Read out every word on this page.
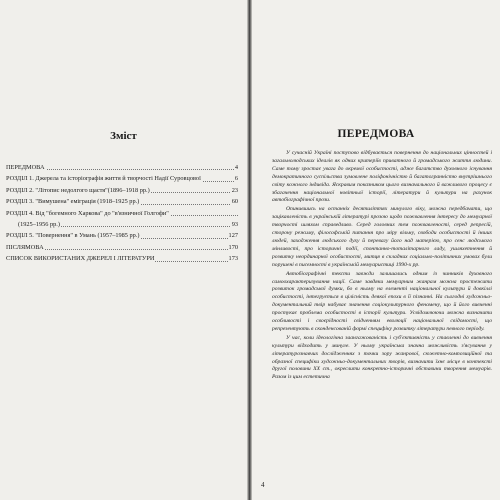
Зміст
ПЕРЕДМОВА	4
РОЗДІЛ 1. Джерела та історіографія життя й творчості Надії Суровцової	6
РОЗДІЛ 2. "Літопис недолгого щастя"(1896–1918 рр.)	23
РОЗДІЛ 3. "Вимушена" еміграція (1918–1925 рр.)	60
РОЗДІЛ 4. Від "богемного Харкова" до "в'язничної Голгофи"
(1925–1956 рр.)	93
РОЗДІЛ 5. "Повернення" в Умань (1957–1985 рр.)	127
ПІСЛЯМОВА	170
СПИСОК ВИКОРИСТАНИХ ДЖЕРЕЛ І ЛІТЕРАТУРИ	173
ПЕРЕДМОВА

У сучасній Україні поступово відбувається повернення до національних цінностей і загальнолюдських ідеалів як одних критеріїв приватного й громадського життя людини. Саме тому зростає увага до окремої особистості, адже багатство духовного існування демократичного суспільства зумовлене поліфонічністю й багатогранністю внутрішнього світу кожного індивіда. Яскравим показником цього визначального й важливого процесу є збагачення національної новітньої історії, літератури й культури на рахунок автобіографічної прози.

Опинившись на останніх десятиліттях минулого віку, можна передбачати, що зацікавленість в українській літературі прозою щодо пожвавлення інтересу до мемуарної творчості шляхом справедливо. Серед головних тем пожвавленості, серед репресій, сторону режиму, філософській питання про міру вільну, свободи особистості й інших людей, заходження людського духу й перевагу його над матерією, про сенс людського мінливості, про історичні події, спонтанно-тоталітарного ладу, ушляхетнення й розвитку неординарної особистості, митця в складних соціально-політичних умовах були порушені в писемності в українській мемуаристиці 1990-х рр.

Автобіографічні тексти завжди залишались одним із чинників духовного самоохарактеризування нації. Саме завдяки мемуарним жанрам можна простежити розвиток громадської думки, бо в ньому на елементі національної культури й довкіллі особистості, інтегрується в цілісність деякої епохи в її пізнанні. На сьогодні художньо-документальний твір набуває значення соціокультурного феномену, що й його вивченні простукає проблема особистості в історії культури. Усвідомлюючи можна визначити особливості і своєрідності свідченням еволюції національної свідомості, що репрезентують в сконденсованій формі специфіку розвитку літератури певного періоду.

У час, коли ідеологічна заангажованість і суб'єктивність у ставленні до вивчення культури відходить у минуле. У ньому українська значна можливість з'ясування у літературознавчих дослідженнях з точки зору жанрової, сюжетно-композиційної та образної специфіки художньо-документальних творів, визначити їхнє місце в контексті другої половини XX ст., окреслити конкретно-історичні обставини творення мемуарів. Разом із цим естетична

4
